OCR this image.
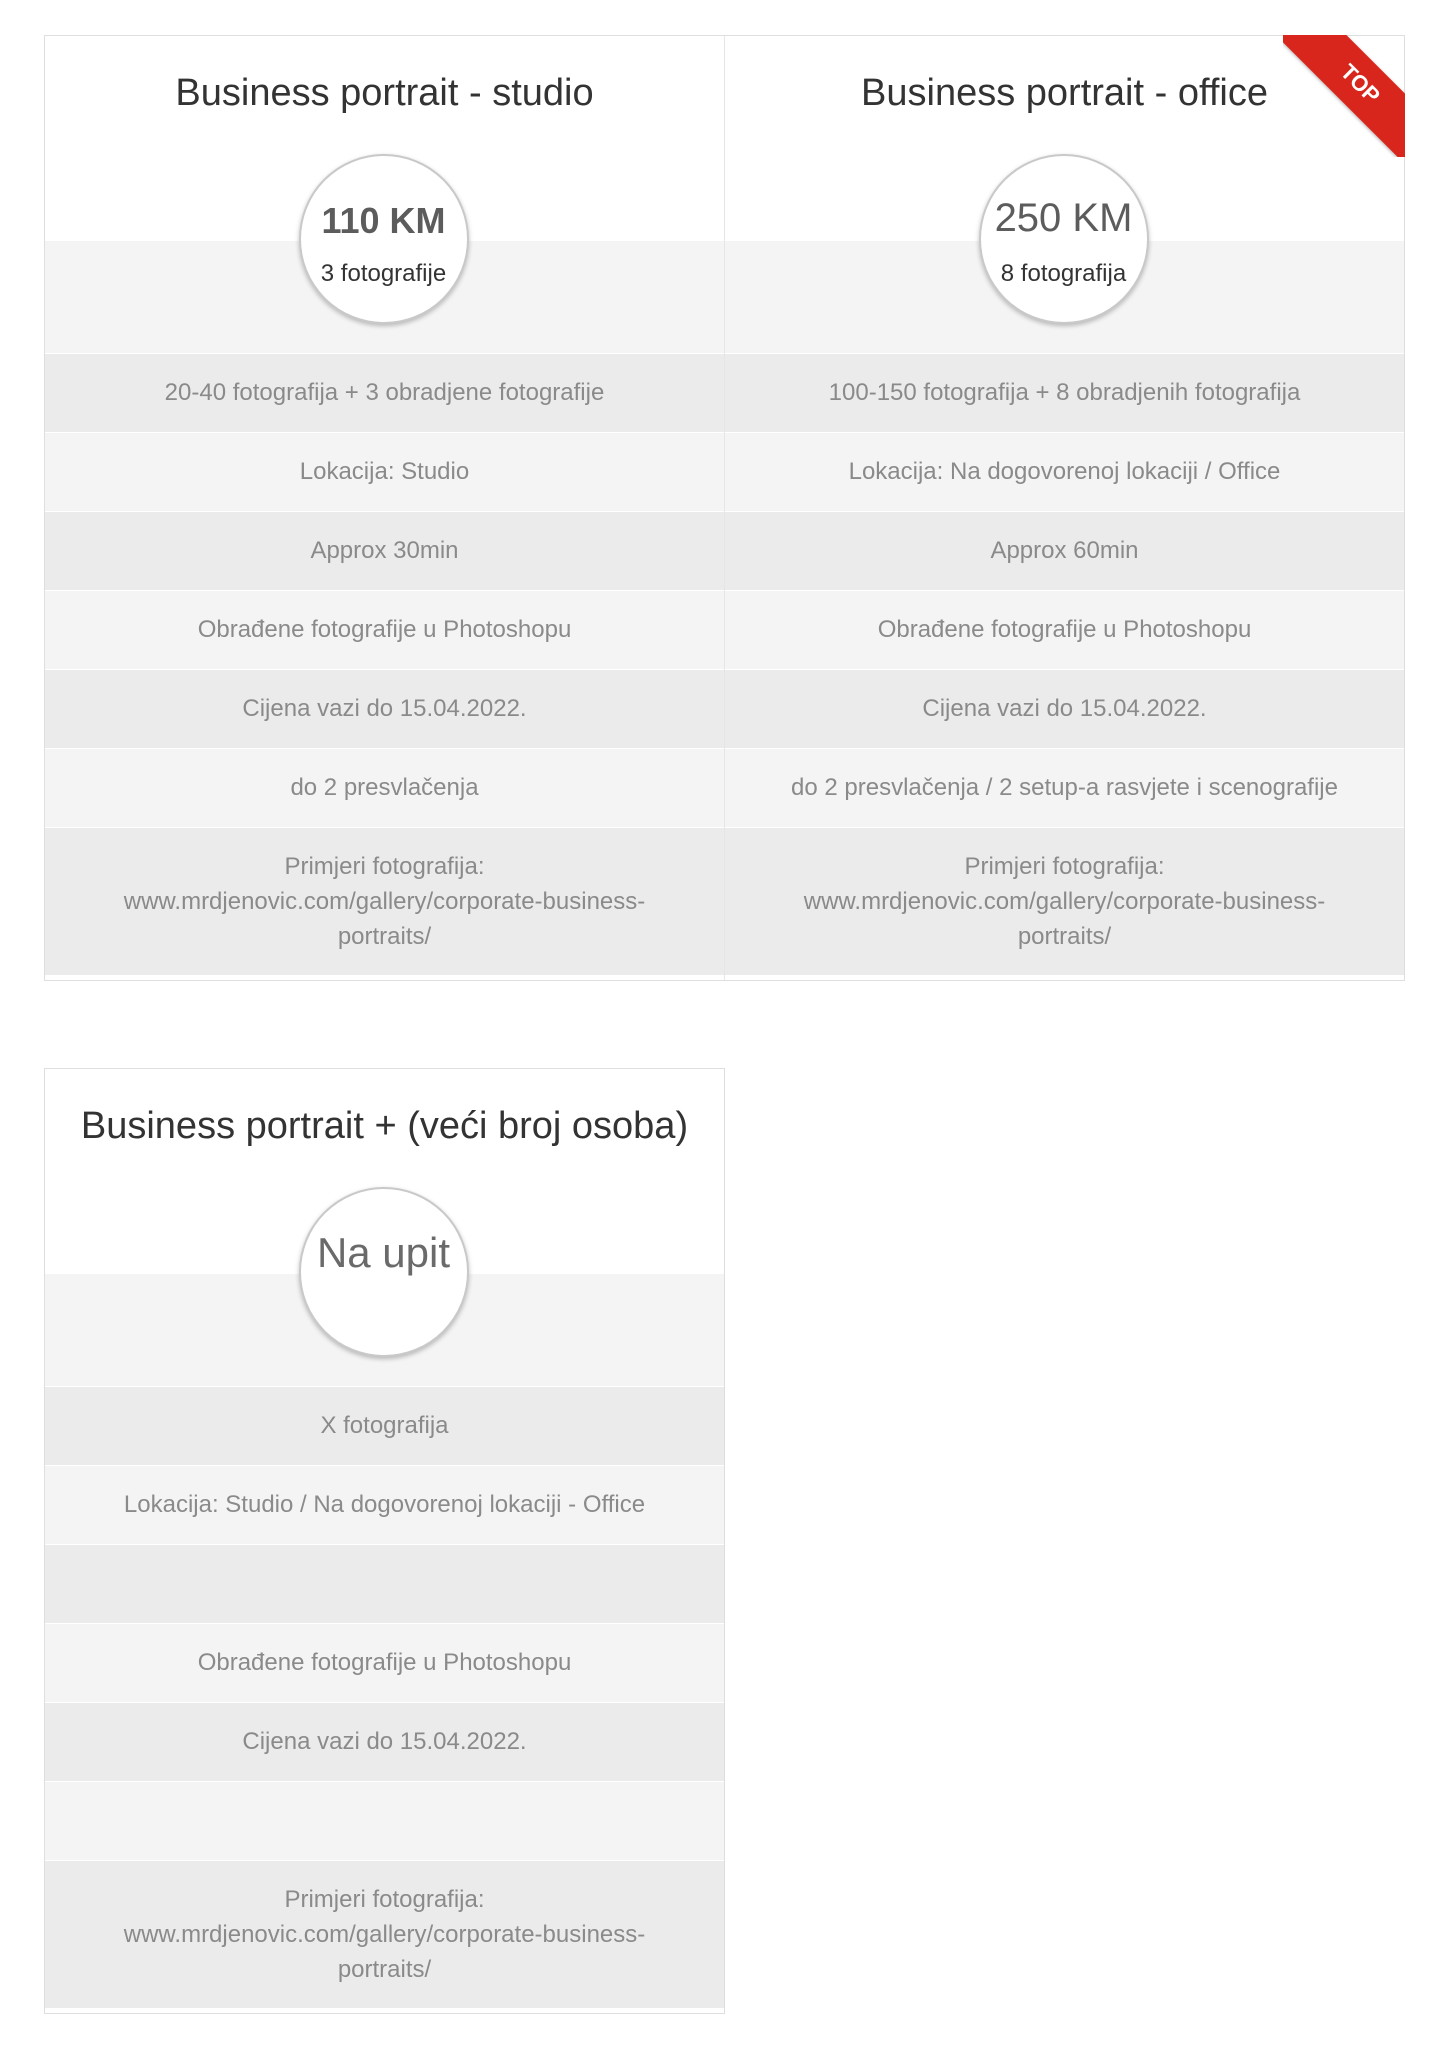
Business portrait - studio
110 KM
3 fotografije
20-40 fotografija + 3 obradjene fotografije
Lokacija: Studio
Approx 30min
Obrađene fotografije u Photoshopu
Cijena vazi do 15.04.2022.
do 2 presvlačenja
Primjeri fotografija:
www.mrdjenovic.com/gallery/corporate-business-
portraits/
Business portrait - office	TOP
250 KM
8 fotografija
100-150 fotografija + 8 obradjenih fotografija
Lokacija: Na dogovorenoj lokaciji / Office
Approx 60min
Obrađene fotografije u Photoshopu
Cijena vazi do 15.04.2022.
do 2 presvlačenja / 2 setup-a rasvjete i scenografije
Primjeri fotografija:
www.mrdjenovic.com/gallery/corporate-business-
portraits/
Business portrait + (veći broj osoba)
Na upit
X fotografija
Lokacija: Studio / Na dogovorenoj lokaciji - Office
Obrađene fotografije u Photoshopu
Cijena vazi do 15.04.2022.
Primjeri fotografija:
www.mrdjenovic.com/gallery/corporate-business-
portraits/
